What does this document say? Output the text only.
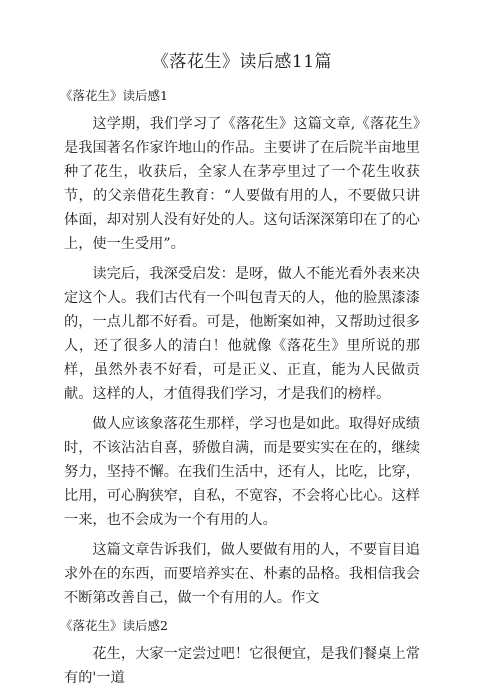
《落花生》读后感11篇
《落花生》读后感1

这学期，我们学习了《落花生》这篇文章,《落花生》是我国著名作家许地山的作品。主要讲了在后院半亩地里种了花生，收获后，全家人在茅亭里过了一个花生收获节，的父亲借花生教育：“人要做有用的人，不要做只讲体面，却对别人没有好处的人。这句话深深第印在了的心上，使一生受用”。

读完后，我深受启发：是呀，做人不能光看外表来决定这个人。我们古代有一个叫包青天的人，他的脸黑漆漆的，一点儿都不好看。可是，他断案如神，又帮助过很多人，还了很多人的清白！他就像《落花生》里所说的那样，虽然外表不好看，可是正义、正直，能为人民做贡献。这样的人，才值得我们学习，才是我们的榜样。

做人应该象落花生那样，学习也是如此。取得好成绩时，不该沾沾自喜，骄傲自满，而是要实实在在的，继续努力，坚持不懈。在我们生活中，还有人，比吃，比穿，比用，可心胸狭窄，自私，不宽容，不会将心比心。这样一来，也不会成为一个有用的人。

这篇文章告诉我们，做人要做有用的人，不要盲目追求外在的东西，而要培养实在、朴素的品格。我相信我会不断第改善自己，做一个有用的人。作文

《落花生》读后感2

花生，大家一定尝过吧！它很便宜，是我们餐桌上常有的'一道
